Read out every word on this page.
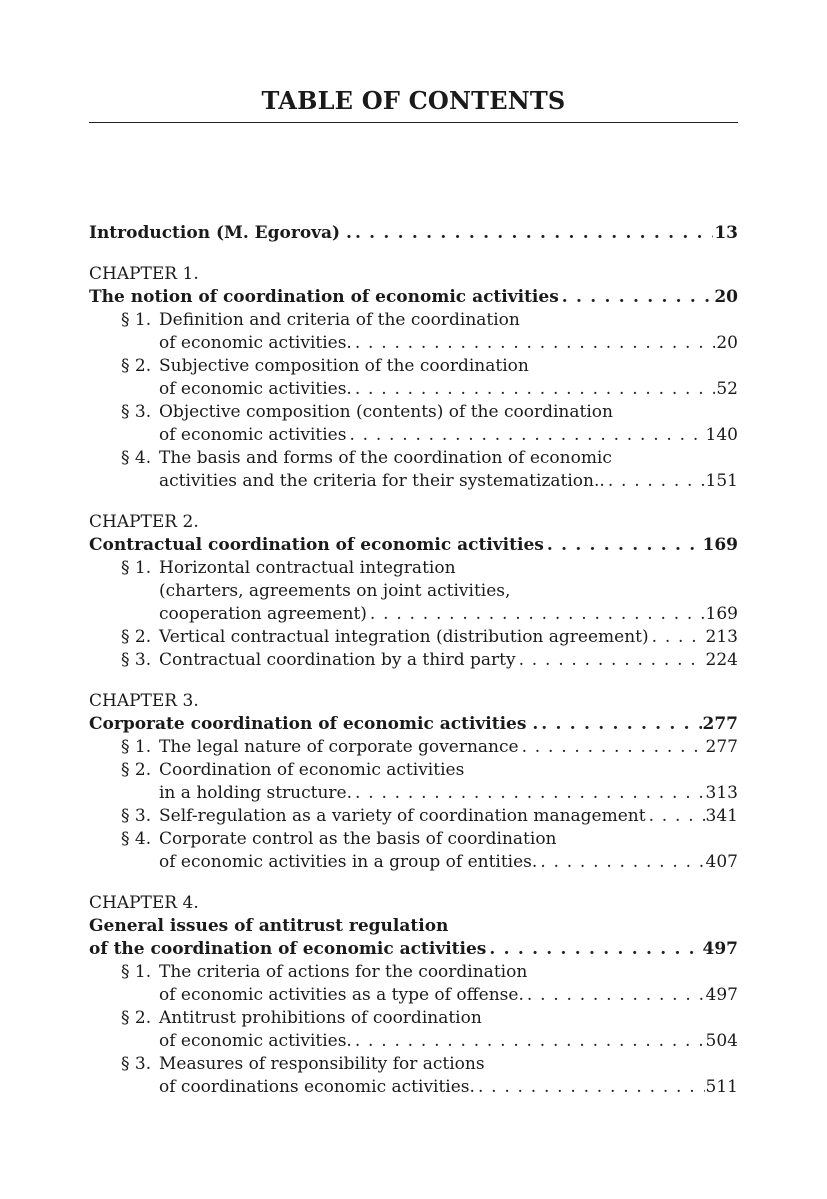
TABLE OF CONTENTS
Introduction (M. Egorova) . . . .	13
CHAPTER 1.
The notion of coordination of economic activities . . .	20
§ 1. Definition and criteria of the coordination
of economic activities. . . .	20
§ 2. Subjective composition of the coordination
of economic activities. . . .	52
§ 3. Objective composition (contents) of the coordination
of economic activities . . .	140
§ 4. The basis and forms of the coordination of economic
activities and the criteria for their systematization.. . . .	151
CHAPTER 2.
Contractual coordination of economic activities . . .	169
§ 1. Horizontal contractual integration
(charters, agreements on joint activities,
cooperation agreement) . . .	169
§ 2. Vertical contractual integration (distribution agreement) . . .	213
§ 3. Contractual coordination by a third party . . .	224
CHAPTER 3.
Corporate coordination of economic activities . . . .	277
§ 1. The legal nature of corporate governance . . .	277
§ 2. Coordination of economic activities
in a holding structure. . . .	313
§ 3. Self-regulation as a variety of coordination management . . .	341
§ 4. Corporate control as the basis of coordination
of economic activities in a group of entities. . . .	407
CHAPTER 4.
General issues of antitrust regulation
of the coordination of economic activities . . .	497
§ 1. The criteria of actions for the coordination
of economic activities as a type of offense. . . .	497
§ 2. Antitrust prohibitions of coordination
of economic activities. . . .	504
§ 3. Measures of responsibility for actions
of coordinations economic activities. . . .	511
